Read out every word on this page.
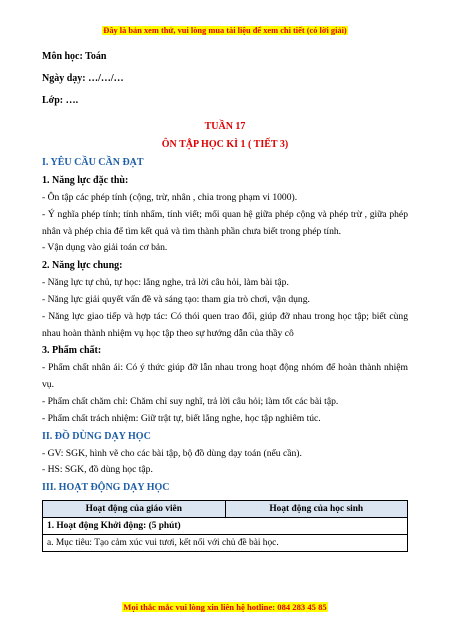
Đây là bản xem thử, vui lòng mua tài liệu để xem chi tiết (có lời giải)
Môn học: Toán
Ngày dạy: …/…/…
Lớp: ….
TUẦN 17
ÔN TẬP HỌC KÌ 1 ( TIẾT 3)
I. YÊU CẦU CẦN ĐẠT
1. Năng lực đặc thù:
- Ôn tập các phép tính (cộng, trừ, nhân , chia trong phạm vi 1000).
- Ý nghĩa phép tính; tính nhẩm, tính viết; mối quan hệ giữa phép cộng và phép trừ , giữa phép nhân và phép chia để tìm kết quả và tìm thành phần chưa biết trong phép tính.
- Vận dụng vào giải toán cơ bản.
2. Năng lực chung:
- Năng lực tự chủ, tự học: lắng nghe, trả lời câu hỏi, làm bài tập.
- Năng lực giải quyết vấn đề và sáng tạo: tham gia trò chơi, vận dụng.
- Năng lực giao tiếp và hợp tác: Có thói quen trao đổi, giúp đỡ nhau trong học tập; biết cùng nhau hoàn thành nhiệm vụ học tập theo sự hướng dẫn của thầy cô
3. Phẩm chất:
- Phẩm chất nhân ái: Có ý thức giúp đỡ lẫn nhau trong hoạt động nhóm để hoàn thành nhiệm vụ.
- Phẩm chất chăm chỉ: Chăm chỉ suy nghĩ, trả lời câu hỏi; làm tốt các bài tập.
- Phẩm chất trách nhiệm: Giữ trật tự, biết lắng nghe, học tập nghiêm túc.
II. ĐỒ DÙNG DẠY HỌC
- GV: SGK, hình vẽ cho các bài tập, bộ đồ dùng dạy toán (nếu cần).
- HS: SGK, đồ dùng học tập.
III. HOẠT ĐỘNG DẠY HỌC
Hoạt động của giáo viên	Hoạt động của học sinh
1. Hoạt động Khởi động: (5 phút)
a. Mục tiêu: Tạo cảm xúc vui tươi, kết nối với chủ đề bài học.
Mọi thắc mắc vui lòng xin liên hệ hotline: 084 283 45 85
